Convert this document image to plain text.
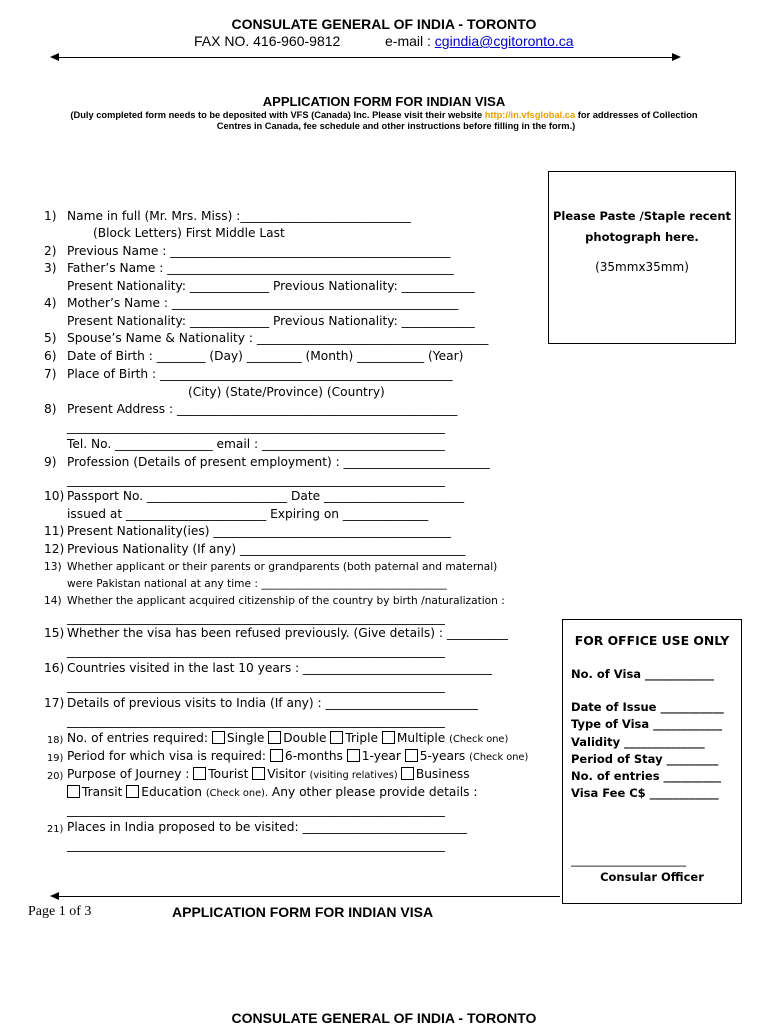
CONSULATE GENERAL OF INDIA - TORONTO
FAX NO. 416-960-9812	e-mail : cgindia@cgitoronto.ca
APPLICATION FORM FOR INDIAN VISA
(Duly completed form needs to be deposited with VFS (Canada) Inc. Please visit their website http://in.vfsglobal.ca for addresses of Collection
Centres in Canada, fee schedule and other instructions before filling in the form.)
Please Paste /Staple recent
photograph here.
(35mmx35mm)
1) Name in full (Mr. Mrs. Miss) :____________________________
(Block Letters) First Middle Last
2) Previous Name : ______________________________________________
3) Father’s Name : _______________________________________________
Present Nationality: _____________ Previous Nationality: ____________
4) Mother’s Name : _______________________________________________
Present Nationality: _____________ Previous Nationality: ____________
5) Spouse’s Name & Nationality : ______________________________________
6) Date of Birth : ________ (Day) _________ (Month) ___________ (Year)
7) Place of Birth : ________________________________________________
(City) (State/Province) (Country)
8) Present Address : ______________________________________________
______________________________________________________________
Tel. No. ________________ email : ______________________________
9) Profession (Details of present employment) : ________________________
______________________________________________________________
10) Passport No. _______________________ Date _______________________
issued at _______________________ Expiring on ______________
11) Present Nationality(ies) _______________________________________
12) Previous Nationality (If any) _____________________________________
13) Whether applicant or their parents or grandparents (both paternal and maternal)
were Pakistan national at any time : ___________________________________
14) Whether the applicant acquired citizenship of the country by birth /naturalization :
______________________________________________________________
15) Whether the visa has been refused previously. (Give details) : __________
______________________________________________________________
16) Countries visited in the last 10 years : _______________________________
______________________________________________________________
17) Details of previous visits to India (If any) : _________________________
______________________________________________________________
18) No. of entries required: Single Double Triple Multiple (Check one)
19) Period for which visa is required: 6-months 1-year 5-years (Check one)
20) Purpose of Journey : Tourist Visitor (visiting relatives) Business
Transit Education (Check one). Any other please provide details :
______________________________________________________________
21) Places in India proposed to be visited: ___________________________
______________________________________________________________
FOR OFFICE USE ONLY
No. of Visa ____________
Date of Issue ___________
Type of Visa ____________
Validity ______________
Period of Stay _________
No. of entries __________
Visa Fee C$ ____________
____________________
Consular Officer
Page 1 of 3	APPLICATION FORM FOR INDIAN VISA
CONSULATE GENERAL OF INDIA - TORONTO
